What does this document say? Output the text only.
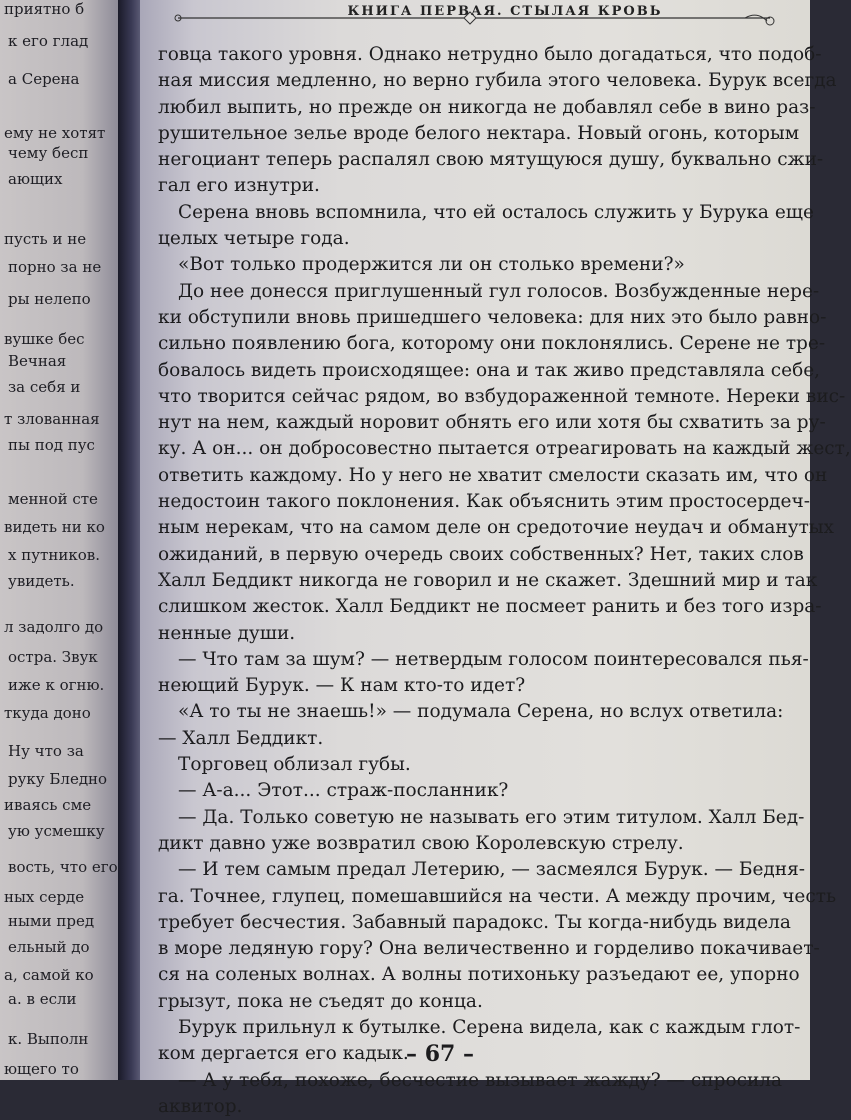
приятно б
к его глад
а Серена
ему не хотят
чему бесп
ающих
пусть и не
порно за не
ры нелепо
вушке бес
Вечная
за себя и
т злованная
пы под пус
менной сте
видеть ни ко
х путников.
увидеть.
л задолго до
остра. Звук
ижe к огню.
ткуда доно
Ну что за
руку Бледно
иваясь сме
ую усмешку
вость, что его
ных серде
ными пред
ельный до
а, самой ко
а. в если
к. Выполн
ющего то
КНИГА ПЕРВАЯ. СТЫЛАЯ КРОВЬ
говца такого уровня. Однако нетрудно было догадаться, что подоб-
ная миссия медленно, но верно губила этого человека. Бурук всегда
любил выпить, но прежде он никогда не добавлял себе в вино раз-
рушительное зелье вроде белого нектара. Новый огонь, которым
негоциант теперь распалял свою мятущуюся душу, буквально сжи-
гал его изнутри.
Серена вновь вспомнила, что ей осталось служить у Бурука еще
целых четыре года.
«Вот только продержится ли он столько времени?»
До нее донесся приглушенный гул голосов. Возбужденные нере-
ки обступили вновь пришедшего человека: для них это было равно-
сильно появлению бога, которому они поклонялись. Серене не тре-
бовалось видеть происходящее: она и так живо представляла себе,
что творится сейчас рядом, во взбудораженной темноте. Нереки вис-
нут на нем, каждый норовит обнять его или хотя бы схватить за ру-
ку. А он... он добросовестно пытается отреагировать на каждый жест,
ответить каждому. Но у него не хватит смелости сказать им, что он
недостоин такого поклонения. Как объяснить этим простосердеч-
ным нерекам, что на самом деле он средоточие неудач и обманутых
ожиданий, в первую очередь своих собственных? Нет, таких слов
Халл Беддикт никогда не говорил и не скажет. Здешний мир и так
слишком жесток. Халл Беддикт не посмеет ранить и без того изра-
ненные души.
— Что там за шум? — нетвердым голосом поинтересовался пья-
неющий Бурук. — К нам кто-то идет?
«А то ты не знаешь!» — подумала Серена, но вслух ответила:
— Халл Беддикт.
Торговец облизал губы.
— А-а... Этот... страж-посланник?
— Да. Только советую не называть его этим титулом. Халл Бед-
дикт давно уже возвратил свою Королевскую стрелу.
— И тем самым предал Летерию, — засмеялся Бурук. — Бедня-
га. Точнее, глупец, помешавшийся на чести. А между прочим, честь
требует бесчестия. Забавный парадокс. Ты когда-нибудь видела
в море ледяную гору? Она величественно и горделиво покачивает-
ся на соленых волнах. А волны потихоньку разъедают ее, упорно
грызут, пока не съедят до конца.
Бурук прильнул к бутылке. Серена видела, как с каждым глот-
ком дергается его кадык.
— А у тебя, похоже, бесчестие вызывает жажду? — спросила
аквитор.
– 67 –
